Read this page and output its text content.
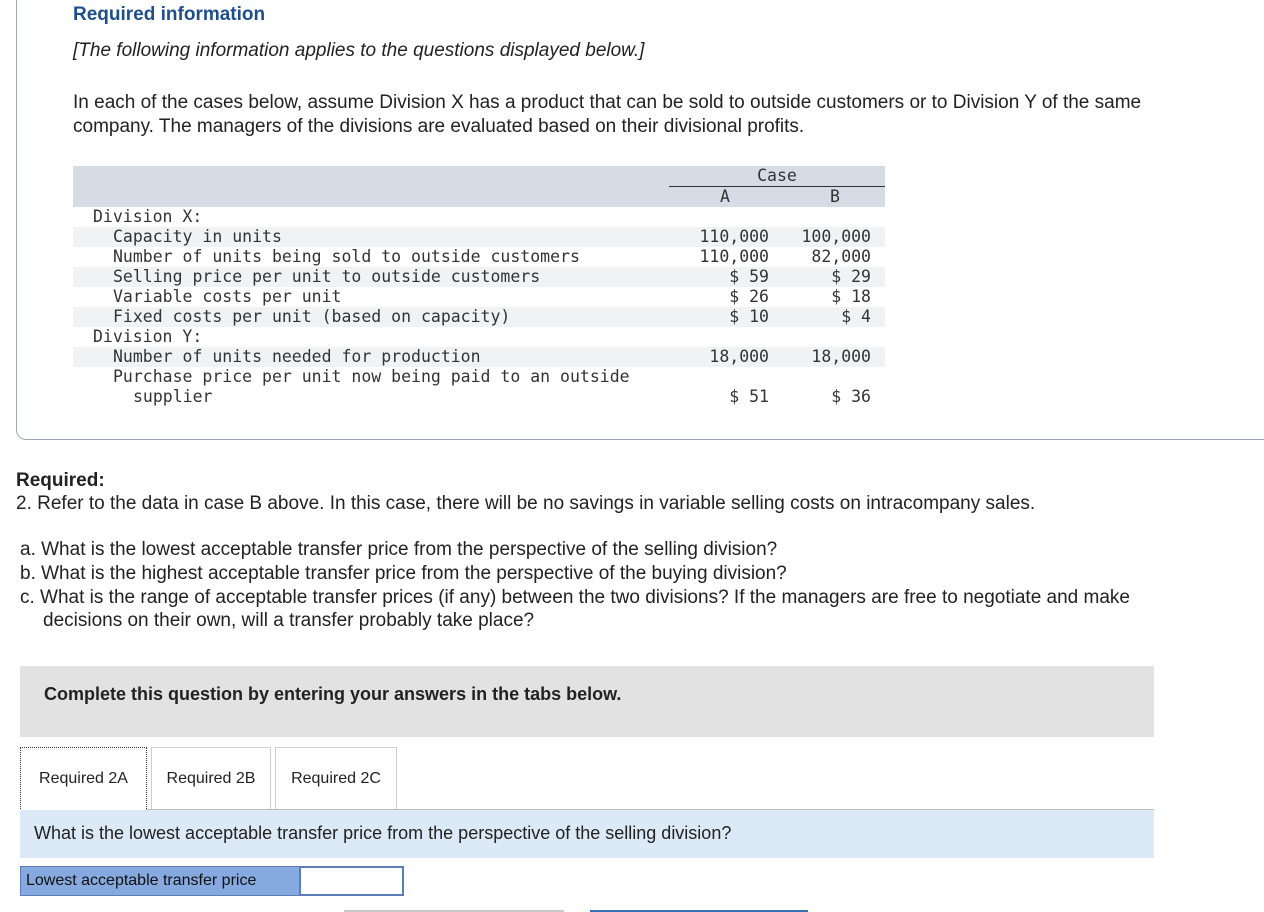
Required information
[The following information applies to the questions displayed below.]
In each of the cases below, assume Division X has a product that can be sold to outside customers or to Division Y of the same company. The managers of the divisions are evaluated based on their divisional profits.
Case
A	B
Division X:
Capacity in units	110,000	100,000
Number of units being sold to outside customers	110,000	82,000
Selling price per unit to outside customers	$ 59	$ 29
Variable costs per unit	$ 26	$ 18
Fixed costs per unit (based on capacity)	$ 10	$ 4
Division Y:
Number of units needed for production	18,000	18,000
Purchase price per unit now being paid to an outside
supplier	$ 51	$ 36
Required:
2. Refer to the data in case B above. In this case, there will be no savings in variable selling costs on intracompany sales.
a. What is the lowest acceptable transfer price from the perspective of the selling division?
b. What is the highest acceptable transfer price from the perspective of the buying division?
c. What is the range of acceptable transfer prices (if any) between the two divisions? If the managers are free to negotiate and make
decisions on their own, will a transfer probably take place?
Complete this question by entering your answers in the tabs below.
Required 2A	Required 2B	Required 2C
What is the lowest acceptable transfer price from the perspective of the selling division?
Lowest acceptable transfer price
